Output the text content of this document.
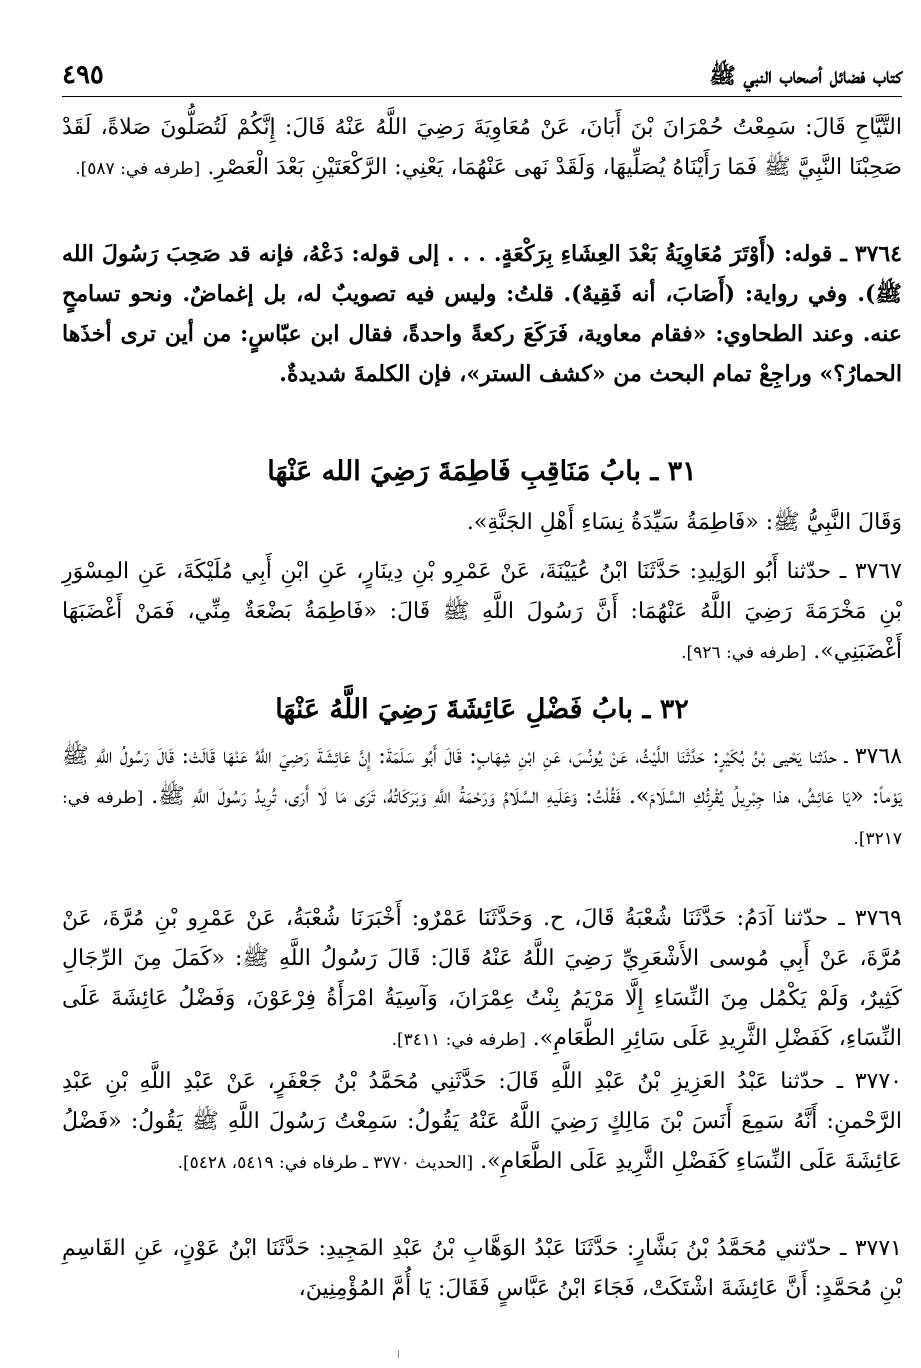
كتاب فضائل أصحاب النبي ﷺ
٤٩٥
التَّيَّاحِ قَالَ: سَمِعْتُ حُمْرَانَ بْنَ أَبَانَ، عَنْ مُعَاوِيَةَ رَضِيَ اللَّهُ عَنْهُ قَالَ: إِنَّكُمْ لَتُصَلُّونَ صَلاةً، لَقَدْ صَحِبْنَا النَّبِيَّ ﷺ فَمَا رَأَيْنَاهُ يُصَلِّيهَا، وَلَقَدْ نَهى عَنْهُمَا، يَعْنِي: الرَّكْعَتَيْنِ بَعْدَ الْعَصْرِ. [طرفه في: ٥٨٧].
٣٧٦٤ ـ قوله: (أَوْتَرَ مُعَاوِيَةُ بَعْدَ العِشَاءِ بِرَكْعَةٍ. . . . إلى قوله: دَعْهُ، فإنه قد صَحِبَ رَسُولَ الله ﷺ). وفي رواية: (أَصَابَ، أنه فَقِيهٌ). قلتُ: وليس فيه تصويبٌ له، بل إغماضٌ. ونحو تسامحٍ عنه. وعند الطحاوي: «فقام معاوية، فَرَكَعَ ركعةً واحدةً، فقال ابن عبّاسٍ: من أين ترى أخذَها الحمارُ؟» وراجِعْ تمام البحث من «كشف الستر»، فإن الكلمةَ شديدةٌ.
٣١ ـ بابُ مَنَاقِبِ فَاطِمَةَ رَضِيَ الله عَنْهَا
وَقَالَ النَّبِيُّ ﷺ: «فَاطِمَةُ سَيِّدَةُ نِسَاءِ أَهْلِ الجَنَّةِ».
٣٧٦٧ ـ حدّثنا أَبُو الوَلِيدِ: حَدَّثَنَا ابْنُ عُيَيْنَةَ، عَنْ عَمْرِو بْنِ دِينَارٍ، عَنِ ابْنِ أَبِي مُلَيْكَةَ، عَنِ المِسْوَرِ بْنِ مَخْرَمَةَ رَضِيَ اللَّهُ عَنْهُمَا: أَنَّ رَسُولَ اللَّهِ ﷺ قَالَ: «فَاطِمَةُ بَضْعَةٌ مِنِّي، فَمَنْ أَغْضَبَهَا أَغْضَبَنِي». [طرفه في: ٩٢٦].
٣٢ ـ بابُ فَضْلِ عَائِشَةَ رَضِيَ اللَّهُ عَنْهَا
٣٧٦٨ ـ حدّثنا يَحْيى بْنُ بُكَيْرٍ: حَدَّثَنَا اللَّيْثُ، عَنْ يُونُسَ، عَنِ ابْنِ شِهَابٍ: قَالَ أَبُو سَلَمَةَ: إِنَّ عَائِشَةَ رَضِيَ اللَّهُ عَنْهَا قَالَتْ: قَالَ رَسُولُ اللَّهِ ﷺ يَوْماً: «يَا عَائِشُ، هذا جِبْرِيلُ يُقْرِئُكِ السَّلَامَ». فَقُلْتُ: وَعَلَيهِ السَّلَامُ وَرَحْمَةُ اللَّهِ وَبَرَكَاتُهُ، تَرَى مَا لَا أَرَى، تُرِيدُ رَسُولَ اللَّهِ ﷺ. [طرفه في: ٣٢١٧].
٣٧٦٩ ـ حدّثنا آدَمُ: حَدَّثَنَا شُعْبَةُ قَالَ، ح. وَحَدَّثَنَا عَمْرٌو: أَخْبَرَنَا شُعْبَةُ، عَنْ عَمْرِو بْنِ مُرَّةَ، عَنْ مُرَّةَ، عَنْ أَبِي مُوسى الأَشْعَرِيِّ رَضِيَ اللَّهُ عَنْهُ قَالَ: قَالَ رَسُولُ اللَّهِ ﷺ: «كَمَلَ مِنَ الرِّجَالِ كَثِيرٌ، وَلَمْ يَكْمُل مِنَ النِّسَاءِ إِلَّا مَرْيَمُ بِنْتُ عِمْرَانَ، وَآسِيَةُ امْرَأَةُ فِرْعَوْنَ، وَفَضْلُ عَائِشَةَ عَلَى النِّسَاءِ، كَفَضْلِ الثَّرِيدِ عَلَى سَائِرِ الطَّعَامِ». [طرفه في: ٣٤١١].
٣٧٧٠ ـ حدّثنا عَبْدُ العَزِيزِ بْنُ عَبْدِ اللَّهِ قَالَ: حَدَّثَنِي مُحَمَّدُ بْنُ جَعْفَرٍ، عَنْ عَبْدِ اللَّهِ بْنِ عَبْدِ الرَّحْمنِ: أَنَّهُ سَمِعَ أَنَسَ بْنَ مَالِكٍ رَضِيَ اللَّهُ عَنْهُ يَقُولُ: سَمِعْتُ رَسُولَ اللَّهِ ﷺ يَقُولُ: «فَضْلُ عَائِشَةَ عَلَى النِّسَاءِ كَفَضْلِ الثَّرِيدِ عَلَى الطَّعَامِ». [الحديث ٣٧٧٠ ـ طرفاه في: ٥٤١٩، ٥٤٢٨].
٣٧٧١ ـ حدّثني مُحَمَّدُ بْنُ بَشَّارٍ: حَدَّثَنَا عَبْدُ الوَهَّابِ بْنُ عَبْدِ المَجِيدِ: حَدَّثَنَا ابْنُ عَوْنٍ، عَنِ القَاسِمِ بْنِ مُحَمَّدٍ: أَنَّ عَائِشَةَ اشْتَكَتْ، فَجَاءَ ابْنُ عَبَّاسٍ فَقَالَ: يَا أُمَّ المُؤْمِنِينَ،
